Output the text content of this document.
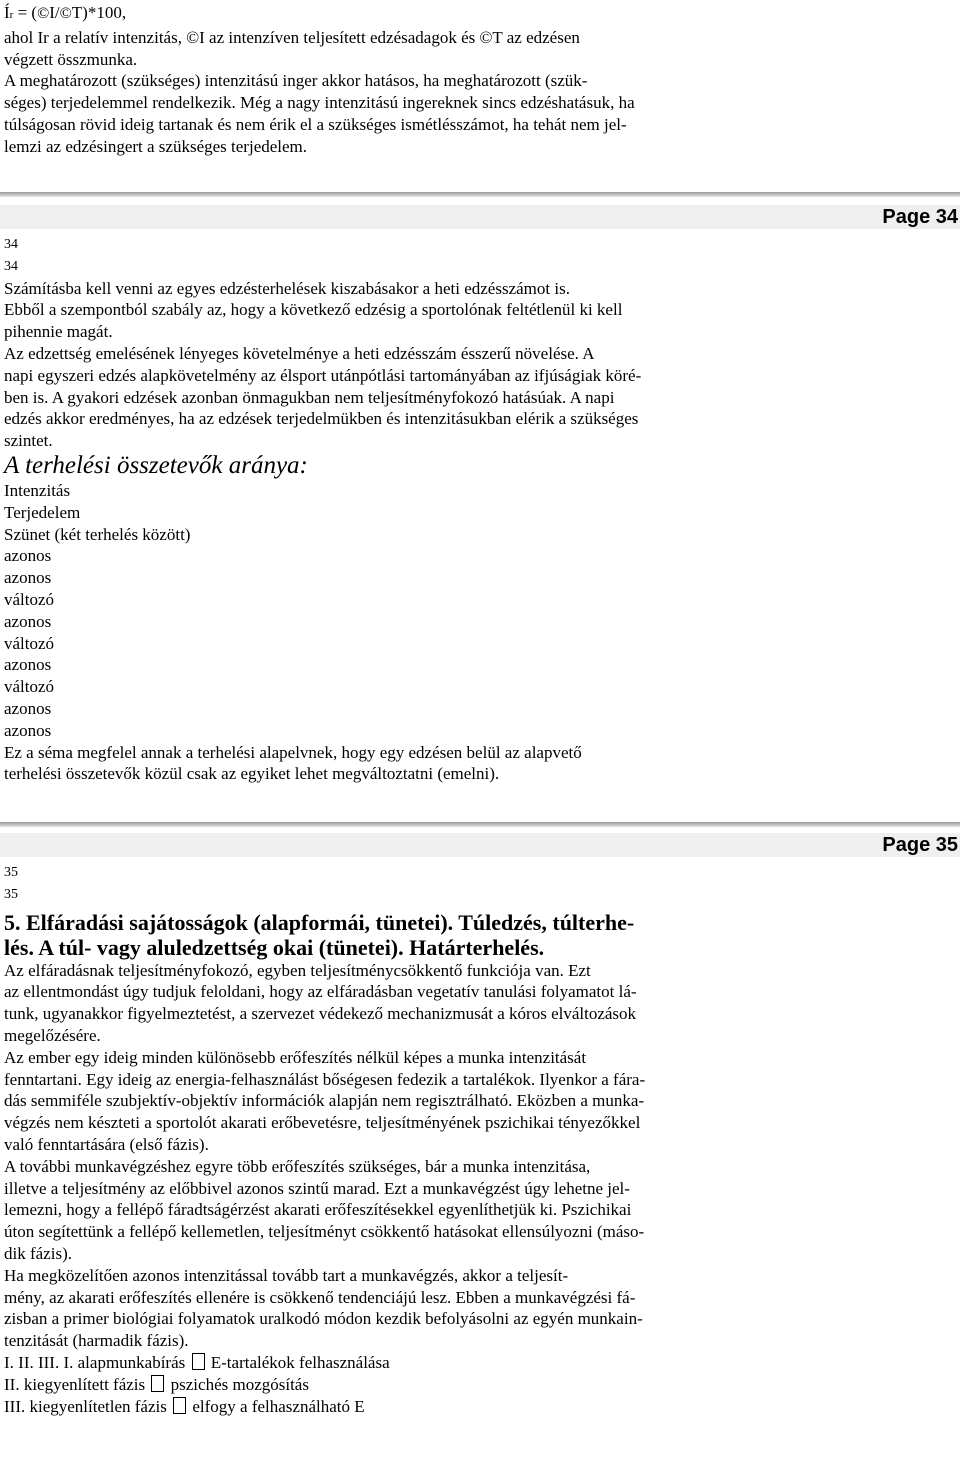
Ír = (©I/©T)*100,
ahol Ir a relatív intenzitás, ©I az intenzíven teljesített edzésadagok és ©T az edzésen
végzett összmunka.
A meghatározott (szükséges) intenzitású inger akkor hatásos, ha meghatározott (szük-
séges) terjedelemmel rendelkezik. Még a nagy intenzitású ingereknek sincs edzéshatásuk, ha
túlságosan rövid ideig tartanak és nem érik el a szükséges ismétlésszámot, ha tehát nem jel-
lemzi az edzésingert a szükséges terjedelem.
Page 34
34
34
Számításba kell venni az egyes edzésterhelések kiszabásakor a heti edzésszámot is.
Ebből a szempontból szabály az, hogy a következő edzésig a sportolónak feltétlenül ki kell
pihennie magát.
Az edzettség emelésének lényeges követelménye a heti edzésszám ésszerű növelése. A
napi egyszeri edzés alapkövetelmény az élsport utánpótlási tartományában az ifjúságiak köré-
ben is. A gyakori edzések azonban önmagukban nem teljesítményfokozó hatásúak. A napi
edzés akkor eredményes, ha az edzések terjedelmükben és intenzitásukban elérik a szükséges
szintet.
A terhelési összetevők aránya:
Intenzitás
Terjedelem
Szünet (két terhelés között)
azonos
azonos
változó
azonos
változó
azonos
változó
azonos
azonos
Ez a séma megfelel annak a terhelési alapelvnek, hogy egy edzésen belül az alapvető
terhelési összetevők közül csak az egyiket lehet megváltoztatni (emelni).
Page 35
35
35
5. Elfáradási sajátosságok (alapformái, tünetei). Túledzés, túlterhe-
lés. A túl- vagy aluledzettség okai (tünetei). Határterhelés.
Az elfáradásnak teljesítményfokozó, egyben teljesítménycsökkentő funkciója van. Ezt
az ellentmondást úgy tudjuk feloldani, hogy az elfáradásban vegetatív tanulási folyamatot lá-
tunk, ugyanakkor figyelmeztetést, a szervezet védekező mechanizmusát a kóros elváltozások
megelőzésére.
Az ember egy ideig minden különösebb erőfeszítés nélkül képes a munka intenzitását
fenntartani. Egy ideig az energia-felhasználást bőségesen fedezik a tartalékok. Ilyenkor a fára-
dás semmiféle szubjektív-objektív információk alapján nem regisztrálható. Eközben a munka-
végzés nem készteti a sportolót akarati erőbevetésre, teljesítményének pszichikai tényezőkkel
való fenntartására (első fázis).
A további munkavégzéshez egyre több erőfeszítés szükséges, bár a munka intenzitása,
illetve a teljesítmény az előbbivel azonos szintű marad. Ezt a munkavégzést úgy lehetne jel-
lemezni, hogy a fellépő fáradtságérzést akarati erőfeszítésekkel egyenlíthetjük ki. Pszichikai
úton segítettünk a fellépő kellemetlen, teljesítményt csökkentő hatásokat ellensúlyozni (máso-
dik fázis).
Ha megközelítően azonos intenzitással tovább tart a munkavégzés, akkor a teljesít-
mény, az akarati erőfeszítés ellenére is csökkenő tendenciájú lesz. Ebben a munkavégzési fá-
zisban a primer biológiai folyamatok uralkodó módon kezdik befolyásolni az egyén munkain-
tenzitását (harmadik fázis).
I. II. III. I. alapmunkabírás E-tartalékok felhasználása
II. kiegyenlített fázis pszichés mozgósítás
III. kiegyenlítetlen fázis elfogy a felhasználható E
